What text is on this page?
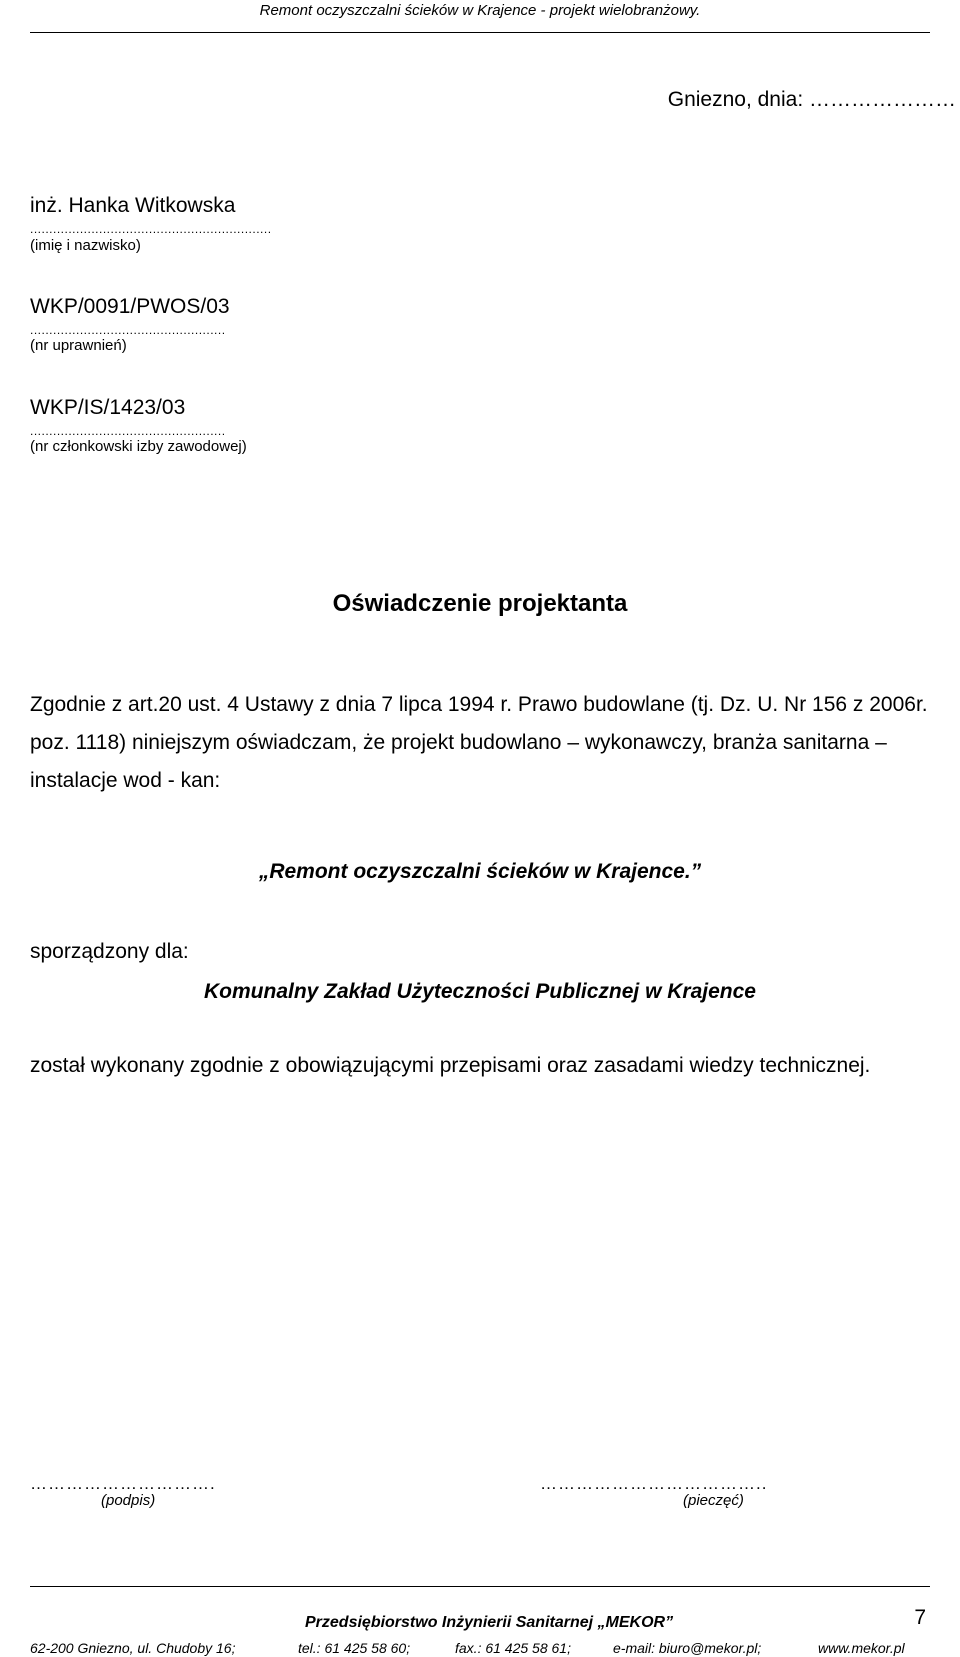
Remont oczyszczalni ścieków w Krajence - projekt wielobranżowy.
Gniezno, dnia: …………………
inż. Hanka Witkowska
...............................................................
(imię i nazwisko)
WKP/0091/PWOS/03
...................................................
(nr uprawnień)
WKP/IS/1423/03
...................................................
(nr członkowski izby zawodowej)
Oświadczenie projektanta
Zgodnie z art.20 ust. 4 Ustawy z dnia 7 lipca 1994 r. Prawo budowlane (tj. Dz. U. Nr 156 z 2006r. poz. 1118) niniejszym oświadczam, że projekt budowlano – wykonawczy, branża sanitarna – instalacje wod - kan:
„Remont oczyszczalni ścieków w Krajence.”
sporządzony dla:
Komunalny Zakład Użyteczności Publicznej w Krajence
został wykonany zgodnie z obowiązującymi przepisami oraz zasadami wiedzy technicznej.
………………………….
(podpis)
………………………………..
(pieczęć)
Przedsiębiorstwo Inżynierii Sanitarnej „MEKOR”	7
62-200 Gniezno, ul. Chudoby 16;	tel.: 61 425 58 60;	fax.: 61 425 58 61;	e-mail: biuro@mekor.pl;	www.mekor.pl
